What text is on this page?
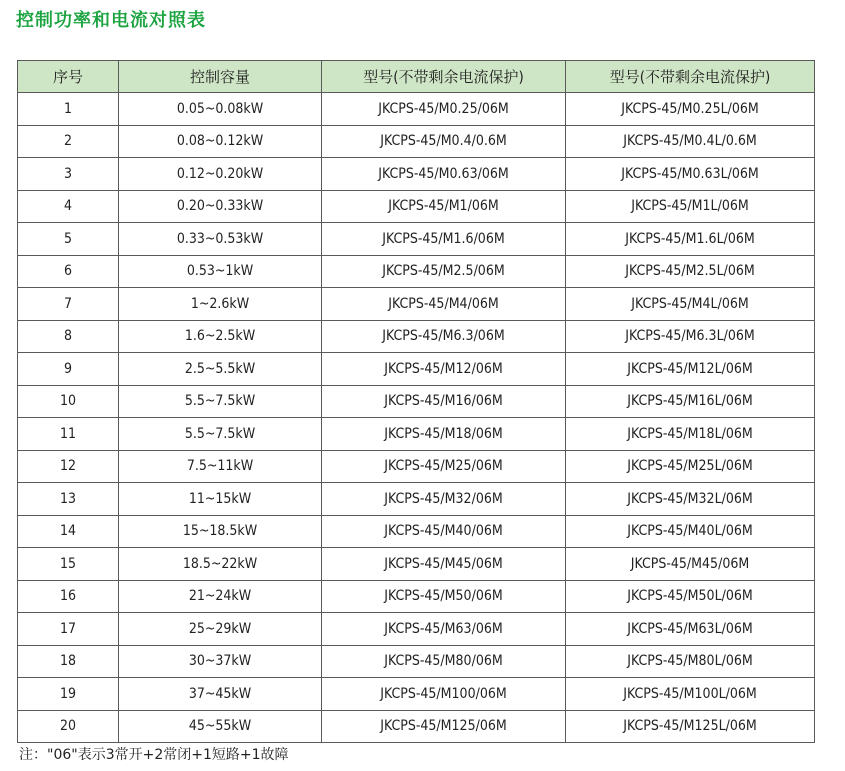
控制功率和电流对照表
序号	控制容量	型号(不带剩余电流保护)	型号(不带剩余电流保护)
1	0.05~0.08kW	JKCPS-45/M0.25/06M	JKCPS-45/M0.25L/06M
2	0.08~0.12kW	JKCPS-45/M0.4/0.6M	JKCPS-45/M0.4L/0.6M
3	0.12~0.20kW	JKCPS-45/M0.63/06M	JKCPS-45/M0.63L/06M
4	0.20~0.33kW	JKCPS-45/M1/06M	JKCPS-45/M1L/06M
5	0.33~0.53kW	JKCPS-45/M1.6/06M	JKCPS-45/M1.6L/06M
6	0.53~1kW	JKCPS-45/M2.5/06M	JKCPS-45/M2.5L/06M
7	1~2.6kW	JKCPS-45/M4/06M	JKCPS-45/M4L/06M
8	1.6~2.5kW	JKCPS-45/M6.3/06M	JKCPS-45/M6.3L/06M
9	2.5~5.5kW	JKCPS-45/M12/06M	JKCPS-45/M12L/06M
10	5.5~7.5kW	JKCPS-45/M16/06M	JKCPS-45/M16L/06M
11	5.5~7.5kW	JKCPS-45/M18/06M	JKCPS-45/M18L/06M
12	7.5~11kW	JKCPS-45/M25/06M	JKCPS-45/M25L/06M
13	11~15kW	JKCPS-45/M32/06M	JKCPS-45/M32L/06M
14	15~18.5kW	JKCPS-45/M40/06M	JKCPS-45/M40L/06M
15	18.5~22kW	JKCPS-45/M45/06M	JKCPS-45/M45/06M
16	21~24kW	JKCPS-45/M50/06M	JKCPS-45/M50L/06M
17	25~29kW	JKCPS-45/M63/06M	JKCPS-45/M63L/06M
18	30~37kW	JKCPS-45/M80/06M	JKCPS-45/M80L/06M
19	37~45kW	JKCPS-45/M100/06M	JKCPS-45/M100L/06M
20	45~55kW	JKCPS-45/M125/06M	JKCPS-45/M125L/06M
注："06"表示3常开+2常闭+1短路+1故障
